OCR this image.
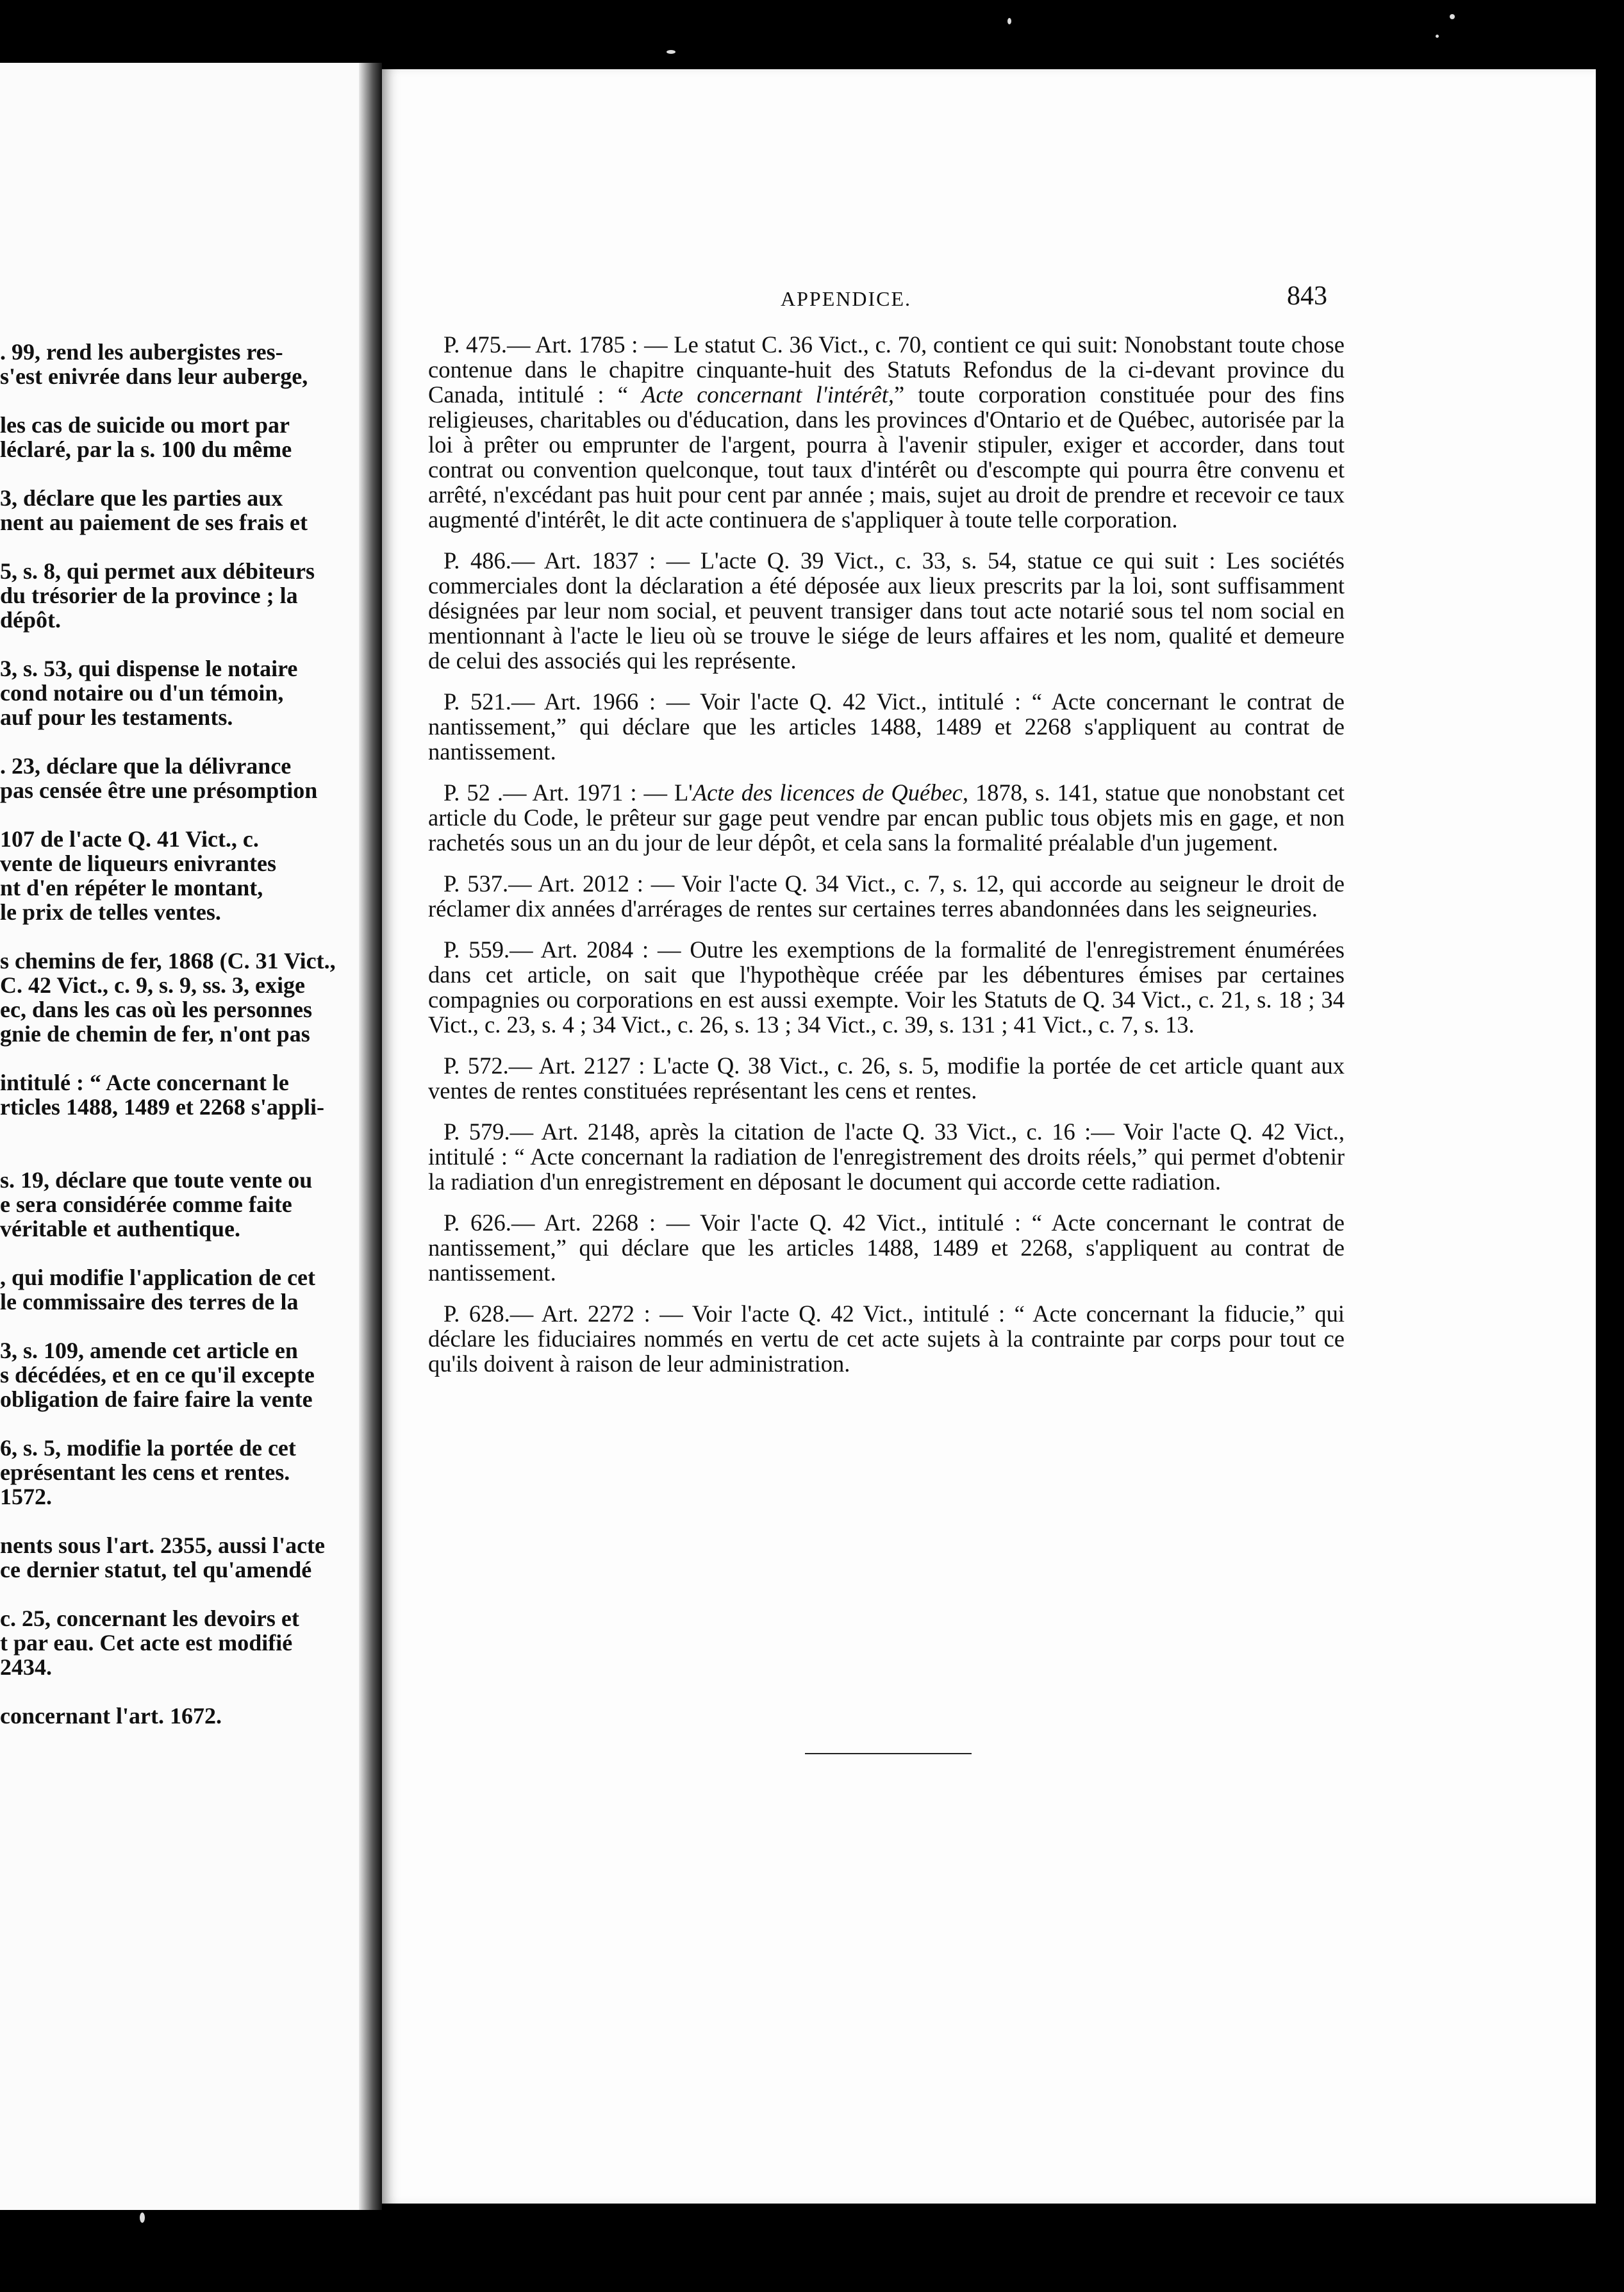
. 99, rend les aubergistes res-
s'est enivrée dans leur auberge,
les cas de suicide ou mort par
léclaré, par la s. 100 du même
3, déclare que les parties aux
nent au paiement de ses frais et
5, s. 8, qui permet aux débiteurs
du trésorier de la province ; la
dépôt.
3, s. 53, qui dispense le notaire
cond notaire ou d'un témoin,
auf pour les testaments.
. 23, déclare que la délivrance
pas censée être une présomption
107 de l'acte Q. 41 Vict., c.
vente de liqueurs enivrantes
nt d'en répéter le montant,
le prix de telles ventes.
s chemins de fer, 1868 (C. 31 Vict.,
C. 42 Vict., c. 9, s. 9, ss. 3, exige
ec, dans les cas où les personnes
gnie de chemin de fer, n'ont pas
intitulé : “ Acte concernant le
rticles 1488, 1489 et 2268 s'appli-
s. 19, déclare que toute vente ou
e sera considérée comme faite
véritable et authentique.
, qui modifie l'application de cet
le commissaire des terres de la
3, s. 109, amende cet article en
s décédées, et en ce qu'il excepte
obligation de faire faire la vente
6, s. 5, modifie la portée de cet
eprésentant les cens et rentes.
1572.
nents sous l'art. 2355, aussi l'acte
ce dernier statut, tel qu'amendé
c. 25, concernant les devoirs et
t par eau. Cet acte est modifié
2434.
concernant l'art. 1672.
APPENDICE.	843

P. 475.— Art. 1785 : — Le statut C. 36 Vict., c. 70, contient ce qui suit: Nonobstant toute chose contenue dans le chapitre cinquante-huit des Statuts Refondus de la ci-devant province du Canada, intitulé : “ Acte concernant l'intérêt,” toute corporation constituée pour des fins religieuses, charitables ou d'éducation, dans les provinces d'Ontario et de Québec, autorisée par la loi à prêter ou emprunter de l'argent, pourra à l'avenir stipuler, exiger et accorder, dans tout contrat ou convention quelconque, tout taux d'intérêt ou d'escompte qui pourra être convenu et arrêté, n'excédant pas huit pour cent par année ; mais, sujet au droit de prendre et recevoir ce taux augmenté d'intérêt, le dit acte continuera de s'appliquer à toute telle corporation.

P. 486.— Art. 1837 : — L'acte Q. 39 Vict., c. 33, s. 54, statue ce qui suit : Les sociétés commerciales dont la déclaration a été déposée aux lieux prescrits par la loi, sont suffisamment désignées par leur nom social, et peuvent transiger dans tout acte notarié sous tel nom social en mentionnant à l'acte le lieu où se trouve le siége de leurs affaires et les nom, qualité et demeure de celui des associés qui les représente.

P. 521.— Art. 1966 : — Voir l'acte Q. 42 Vict., intitulé : “ Acte concernant le contrat de nantissement,” qui déclare que les articles 1488, 1489 et 2268 s'appliquent au contrat de nantissement.

P. 52 .— Art. 1971 : — L'Acte des licences de Québec, 1878, s. 141, statue que nonobstant cet article du Code, le prêteur sur gage peut vendre par encan public tous objets mis en gage, et non rachetés sous un an du jour de leur dépôt, et cela sans la formalité préalable d'un jugement.

P. 537.— Art. 2012 : — Voir l'acte Q. 34 Vict., c. 7, s. 12, qui accorde au seigneur le droit de réclamer dix années d'arrérages de rentes sur certaines terres abandonnées dans les seigneuries.

P. 559.— Art. 2084 : — Outre les exemptions de la formalité de l'enregistrement énumérées dans cet article, on sait que l'hypothèque créée par les débentures émises par certaines compagnies ou corporations en est aussi exempte. Voir les Statuts de Q. 34 Vict., c. 21, s. 18 ; 34 Vict., c. 23, s. 4 ; 34 Vict., c. 26, s. 13 ; 34 Vict., c. 39, s. 131 ; 41 Vict., c. 7, s. 13.

P. 572.— Art. 2127 : L'acte Q. 38 Vict., c. 26, s. 5, modifie la portée de cet article quant aux ventes de rentes constituées représentant les cens et rentes.

P. 579.— Art. 2148, après la citation de l'acte Q. 33 Vict., c. 16 :— Voir l'acte Q. 42 Vict., intitulé : “ Acte concernant la radiation de l'enregistrement des droits réels,” qui permet d'obtenir la radiation d'un enregistrement en déposant le document qui accorde cette radiation.

P. 626.— Art. 2268 : — Voir l'acte Q. 42 Vict., intitulé : “ Acte concernant le contrat de nantissement,” qui déclare que les articles 1488, 1489 et 2268, s'appliquent au contrat de nantissement.

P. 628.— Art. 2272 : — Voir l'acte Q. 42 Vict., intitulé : “ Acte concernant la fiducie,” qui déclare les fiduciaires nommés en vertu de cet acte sujets à la contrainte par corps pour tout ce qu'ils doivent à raison de leur administration.
